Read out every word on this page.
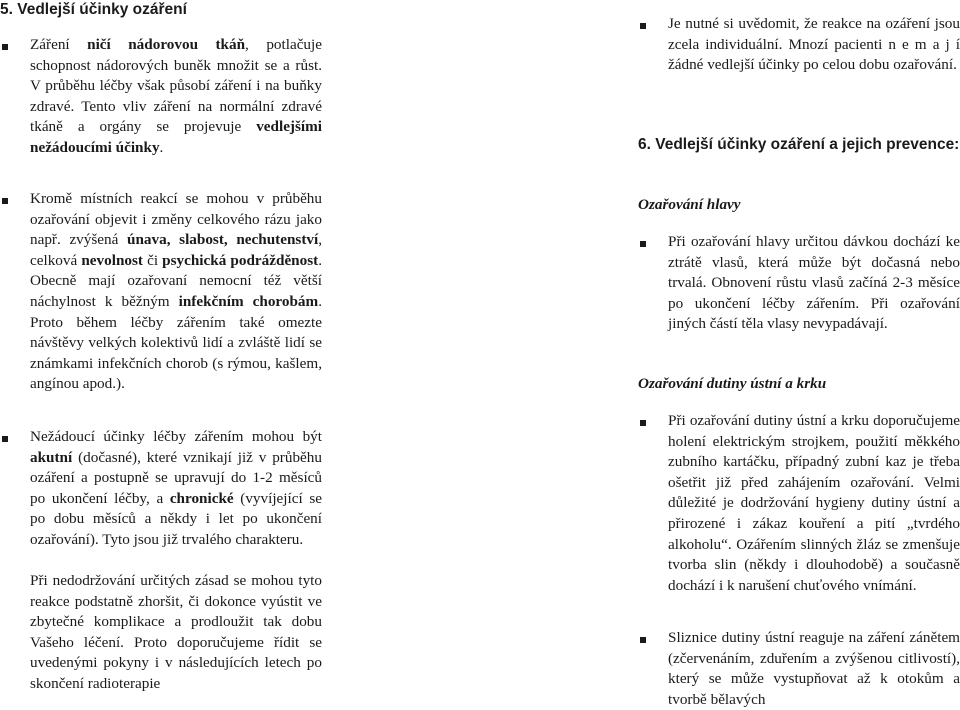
5. Vedlejší účinky ozáření
Záření ničí nádorovou tkáň, potlačuje schopnost nádorových buněk množit se a růst. V průběhu léčby však působí záření i na buňky zdravé. Tento vliv záření na normální zdravé tkáně a orgány se projevuje vedlejšími nežádoucími účinky.
Kromě místních reakcí se mohou v průběhu ozařování objevit i změny celkového rázu jako např. zvýšená únava, slabost, nechutenství, celková nevolnost či psychická podrážděnost. Obecně mají ozařovaní nemocní též větší náchylnost k běžným infekčním chorobám. Proto během léčby zářením také omezte návštěvy velkých kolektivů lidí a zvláště lidí se známkami infekčních chorob (s rýmou, kašlem, angínou apod.).
Nežádoucí účinky léčby zářením mohou být akutní (dočasné), které vznikají již v průběhu ozáření a postupně se upravují do 1-2 měsíců po ukončení léčby, a chronické (vyvíjející se po dobu měsíců a někdy i let po ukončení ozařování). Tyto jsou již trvalého charakteru.
Při nedodržování určitých zásad se mohou tyto reakce podstatně zhoršit, či dokonce vyústit ve zbytečné komplikace a prodloužit tak dobu Vašeho léčení. Proto doporučujeme řídit se uvedenými pokyny i v následujících letech po skončení radioterapie
Je nutné si uvědomit, že reakce na ozáření jsou zcela individuální. Mnozí pacienti n e m a j í žádné vedlejší účinky po celou dobu ozařování.
6. Vedlejší účinky ozáření a jejich prevence:
Ozařování hlavy
Při ozařování hlavy určitou dávkou dochází ke ztrátě vlasů, která může být dočasná nebo trvalá. Obnovení růstu vlasů začíná 2-3 měsíce po ukončení léčby zářením. Při ozařování jiných částí těla vlasy nevypadávají.
Ozařování dutiny ústní a krku
Při ozařování dutiny ústní a krku doporučujeme holení elektrickým strojkem, použití měkkého zubního kartáčku, případný zubní kaz je třeba ošetřit již před zahájením ozařování. Velmi důležité je dodržování hygieny dutiny ústní a přirozené i zákaz kouření a pití „tvrdého alkoholu“. Ozářením slinných žláz se zmenšuje tvorba slin (někdy i dlouhodobě) a současně dochází i k narušení chuťového vnímání.
Sliznice dutiny ústní reaguje na záření zánětem (zčervenáním, zduřením a zvýšenou citlivostí), který se může vystupňovat až k otokům a tvorbě bělavých
